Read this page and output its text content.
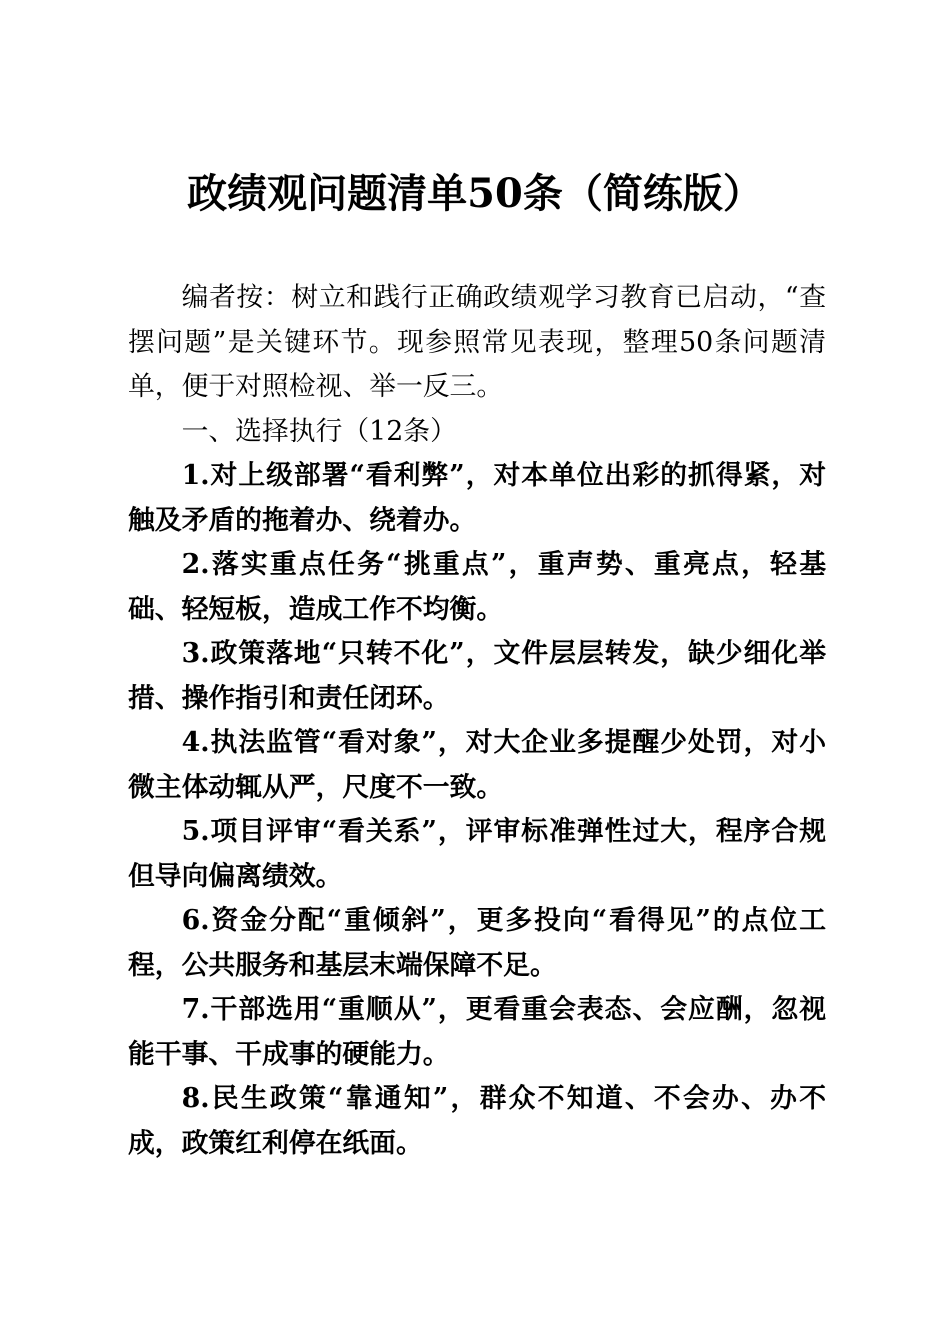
政绩观问题清单50条（简练版）

编者按：树立和践行正确政绩观学习教育已启动，“查摆问题”是关键环节。现参照常见表现，整理50条问题清单，便于对照检视、举一反三。

一、选择执行（12条）

1.对上级部署“看利弊”，对本单位出彩的抓得紧，对触及矛盾的拖着办、绕着办。

2.落实重点任务“挑重点”，重声势、重亮点，轻基础、轻短板，造成工作不均衡。

3.政策落地“只转不化”，文件层层转发，缺少细化举措、操作指引和责任闭环。

4.执法监管“看对象”，对大企业多提醒少处罚，对小微主体动辄从严，尺度不一致。

5.项目评审“看关系”，评审标准弹性过大，程序合规但导向偏离绩效。

6.资金分配“重倾斜”，更多投向“看得见”的点位工程，公共服务和基层末端保障不足。

7.干部选用“重顺从”，更看重会表态、会应酬，忽视能干事、干成事的硬能力。

8.民生政策“靠通知”，群众不知道、不会办、办不成，政策红利停在纸面。
